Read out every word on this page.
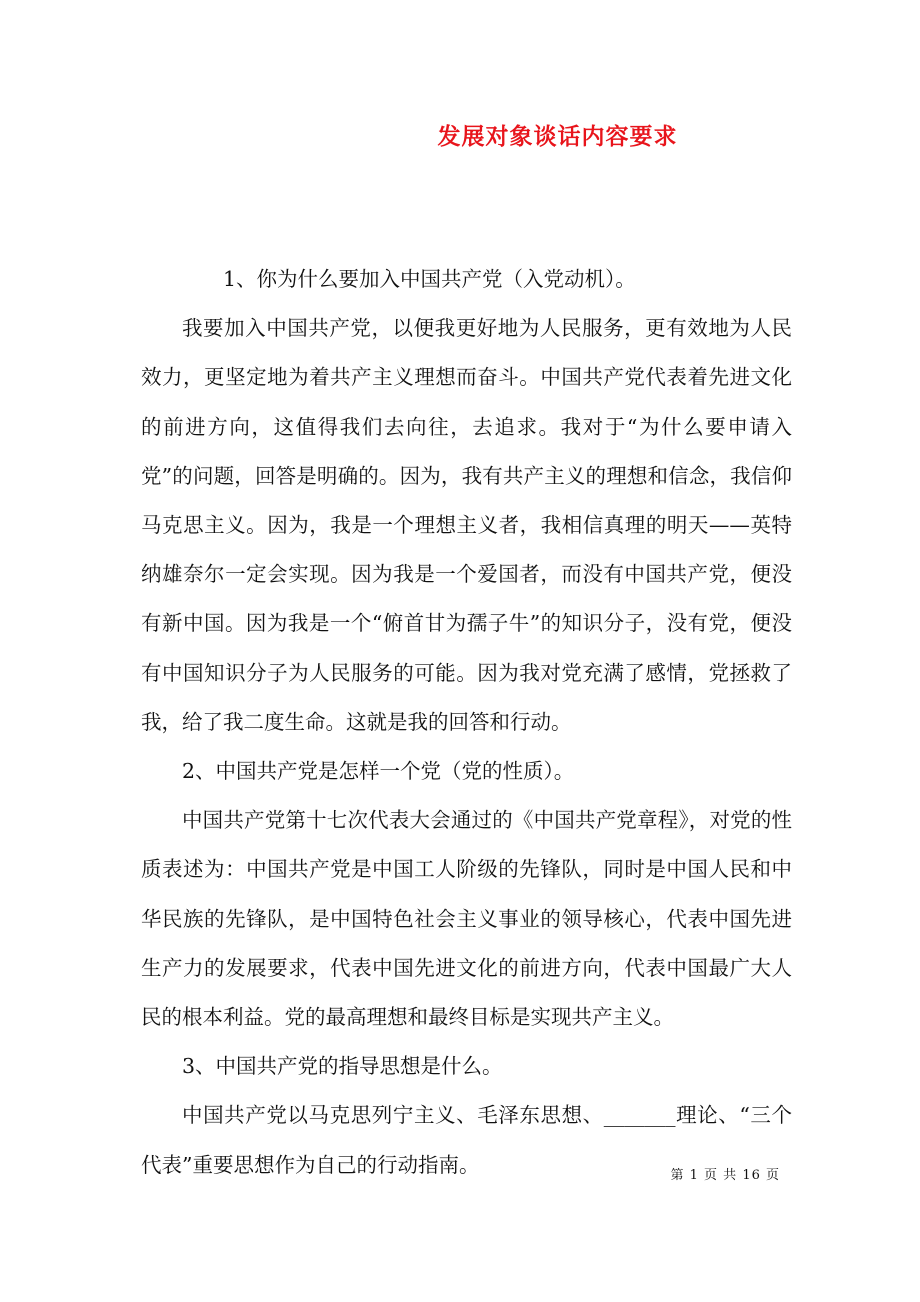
发展对象谈话内容要求

1、你为什么要加入中国共产党（入党动机）。

我要加入中国共产党，以便我更好地为人民服务，更有效地为人民效力，更坚定地为着共产主义理想而奋斗。中国共产党代表着先进文化的前进方向，这值得我们去向往，去追求。我对于“为什么要申请入党”的问题，回答是明确的。因为，我有共产主义的理想和信念，我信仰马克思主义。因为，我是一个理想主义者，我相信真理的明天——英特纳雄奈尔一定会实现。因为我是一个爱国者，而没有中国共产党，便没有新中国。因为我是一个“俯首甘为孺子牛”的知识分子，没有党，便没有中国知识分子为人民服务的可能。因为我对党充满了感情，党拯救了我，给了我二度生命。这就是我的回答和行动。

2、中国共产党是怎样一个党（党的性质）。

中国共产党第十七次代表大会通过的《中国共产党章程》，对党的性质表述为：中国共产党是中国工人阶级的先锋队，同时是中国人民和中华民族的先锋队，是中国特色社会主义事业的领导核心，代表中国先进生产力的发展要求，代表中国先进文化的前进方向，代表中国最广大人民的根本利益。党的最高理想和最终目标是实现共产主义。

3、中国共产党的指导思想是什么。

中国共产党以马克思列宁主义、毛泽东思想、_______理论、“三个代表”重要思想作为自己的行动指南。	第 1 页 共 16 页
